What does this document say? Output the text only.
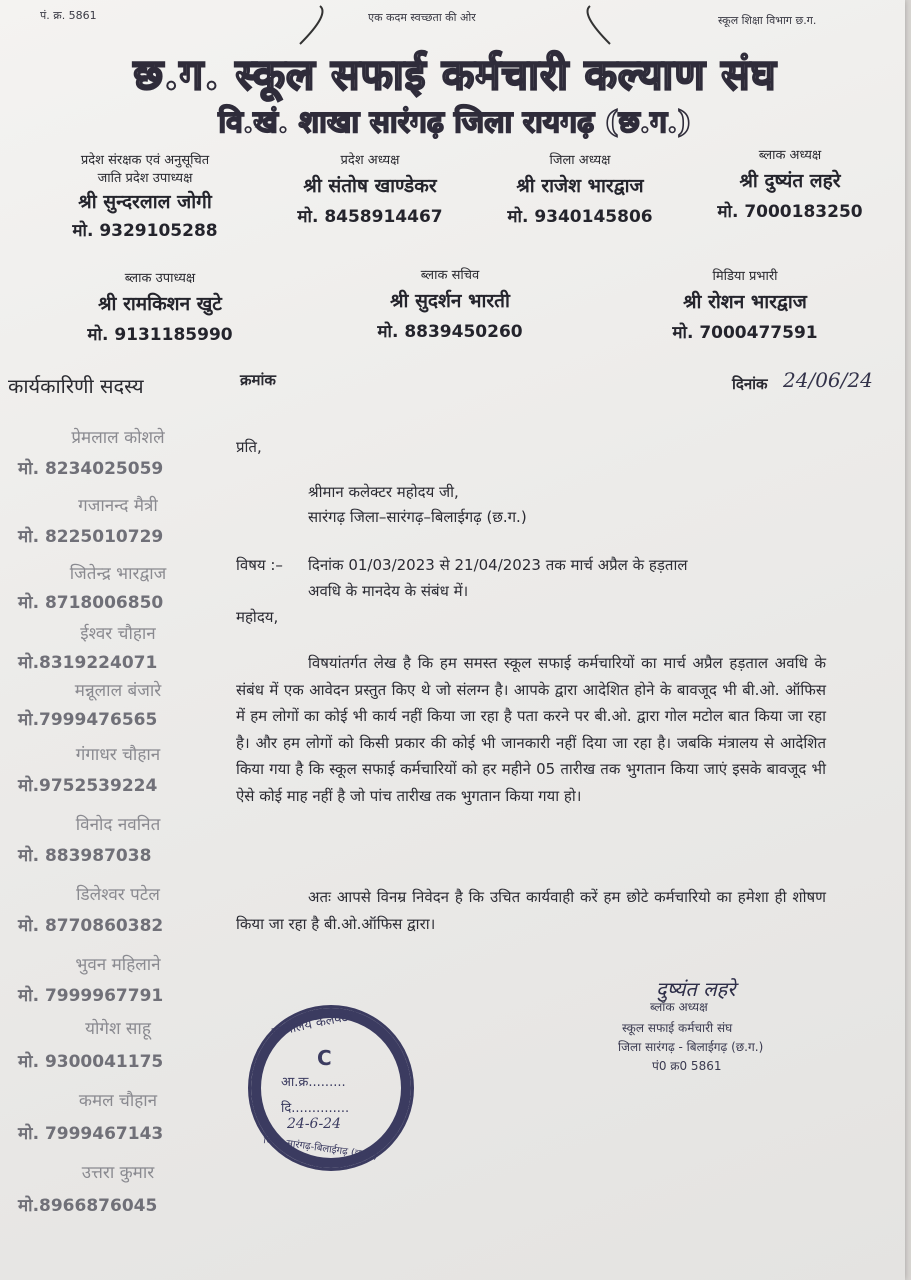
पं. क्र. 5861	एक कदम स्वच्छता की ओर	स्कूल शिक्षा विभाग छ.ग.
छ.ग. स्कूल सफाई कर्मचारी कल्याण संघ
वि.खं. शाखा सारंगढ़ जिला रायगढ़ (छ.ग.)
प्रदेश संरक्षक एवं अनुसूचित
जाति प्रदेश उपाध्यक्ष
श्री सुन्दरलाल जोगी
मो. 9329105288
प्रदेश अध्यक्ष
श्री संतोष खाण्डेकर
मो. 8458914467
जिला अध्यक्ष
श्री राजेश भारद्वाज
मो. 9340145806
ब्लाक अध्यक्ष
श्री दुष्यंत लहरे
मो. 7000183250
ब्लाक उपाध्यक्ष
श्री रामकिशन खुटे
मो. 9131185990
ब्लाक सचिव
श्री सुदर्शन भारती
मो. 8839450260
मिडिया प्रभारी
श्री रोशन भारद्वाज
मो. 7000477591
कार्यकारिणी सदस्य
प्रेमलाल कोशले
मो. 8234025059
गजानन्द मैत्री
मो. 8225010729
जितेन्द्र भारद्वाज
मो. 8718006850
ईश्वर चौहान
मो.8319224071
मन्नूलाल बंजारे
मो.7999476565
गंगाधर चौहान
मो.9752539224
विनोद नवनित
मो. 883987038
डिलेश्वर पटेल
मो. 8770860382
भुवन महिलाने
मो. 7999967791
योगेश साहू
मो. 9300041175
कमल चौहान
मो. 7999467143
उत्तरा कुमार
मो.8966876045
क्रमांक	दिनांक 24/06/24
प्रति,
श्रीमान कलेक्टर महोदय जी,
सारंगढ़ जिला–सारंगढ़–बिलाईगढ़ (छ.ग.)
विषय :– दिनांक 01/03/2023 से 21/04/2023 तक मार्च अप्रैल के हड़ताल
अवधि के मानदेय के संबंध में।
महोदय,
विषयांतर्गत लेख है कि हम समस्त स्कूल सफाई कर्मचारियों का मार्च अप्रैल हड़ताल अवधि के संबंध में एक आवेदन प्रस्तुत किए थे जो संलग्न है। आपके द्वारा आदेशित होने के बावजूद भी बी.ओ. ऑफिस में हम लोगों का कोई भी कार्य नहीं किया जा रहा है पता करने पर बी.ओ. द्वारा गोल मटोल बात किया जा रहा है। और हम लोगों को किसी प्रकार की कोई भी जानकारी नहीं दिया जा रहा है। जबकि मंत्रालय से आदेशित किया गया है कि स्कूल सफाई कर्मचारियों को हर महीने 05 तारीख तक भुगतान किया जाएं इसके बावजूद भी ऐसे कोई माह नहीं है जो पांच तारीख तक भुगतान किया गया हो।
अतः आपसे विनम्र निवेदन है कि उचित कार्यवाही करें हम छोटे कर्मचारियो का हमेशा ही शोषण किया जा रहा है बी.ओ.ऑफिस द्वारा।
दुष्यंत लहरे
ब्लॉक अध्यक्ष
स्कूल सफाई कर्मचारी संघ
जिला सारंगढ़ - बिलाईगढ़ (छ.ग.)
पं0 क्र0 5861
कार्यालय कलेक्टर
C
आ.क्र.........
दि..............
24-6-24
जिला-सारंगढ़-बिलाईगढ़ (छ.ग.)
